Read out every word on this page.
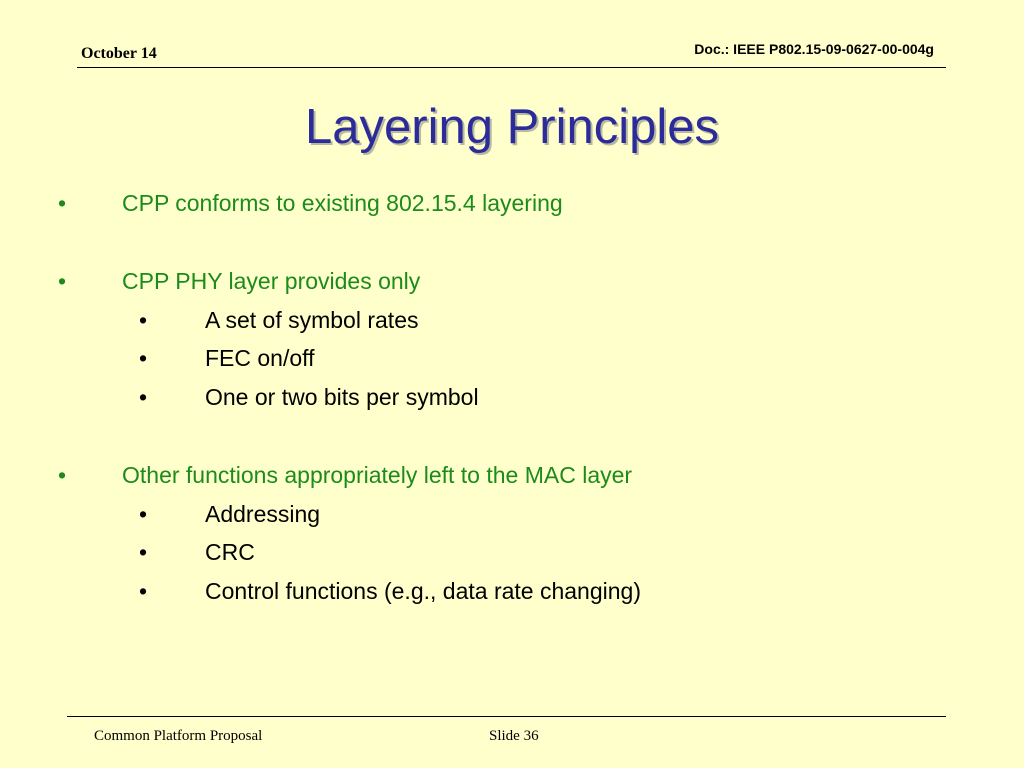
October 14	Doc.: IEEE P802.15-09-0627-00-004g
Layering Principles
• CPP conforms to existing 802.15.4 layering
• CPP PHY layer provides only
•	A set of symbol rates
•	FEC on/off
•	One or two bits per symbol
• Other functions appropriately left to the MAC layer
•	Addressing
•	CRC
•	Control functions (e.g., data rate changing)
Common Platform Proposal	Slide 36
